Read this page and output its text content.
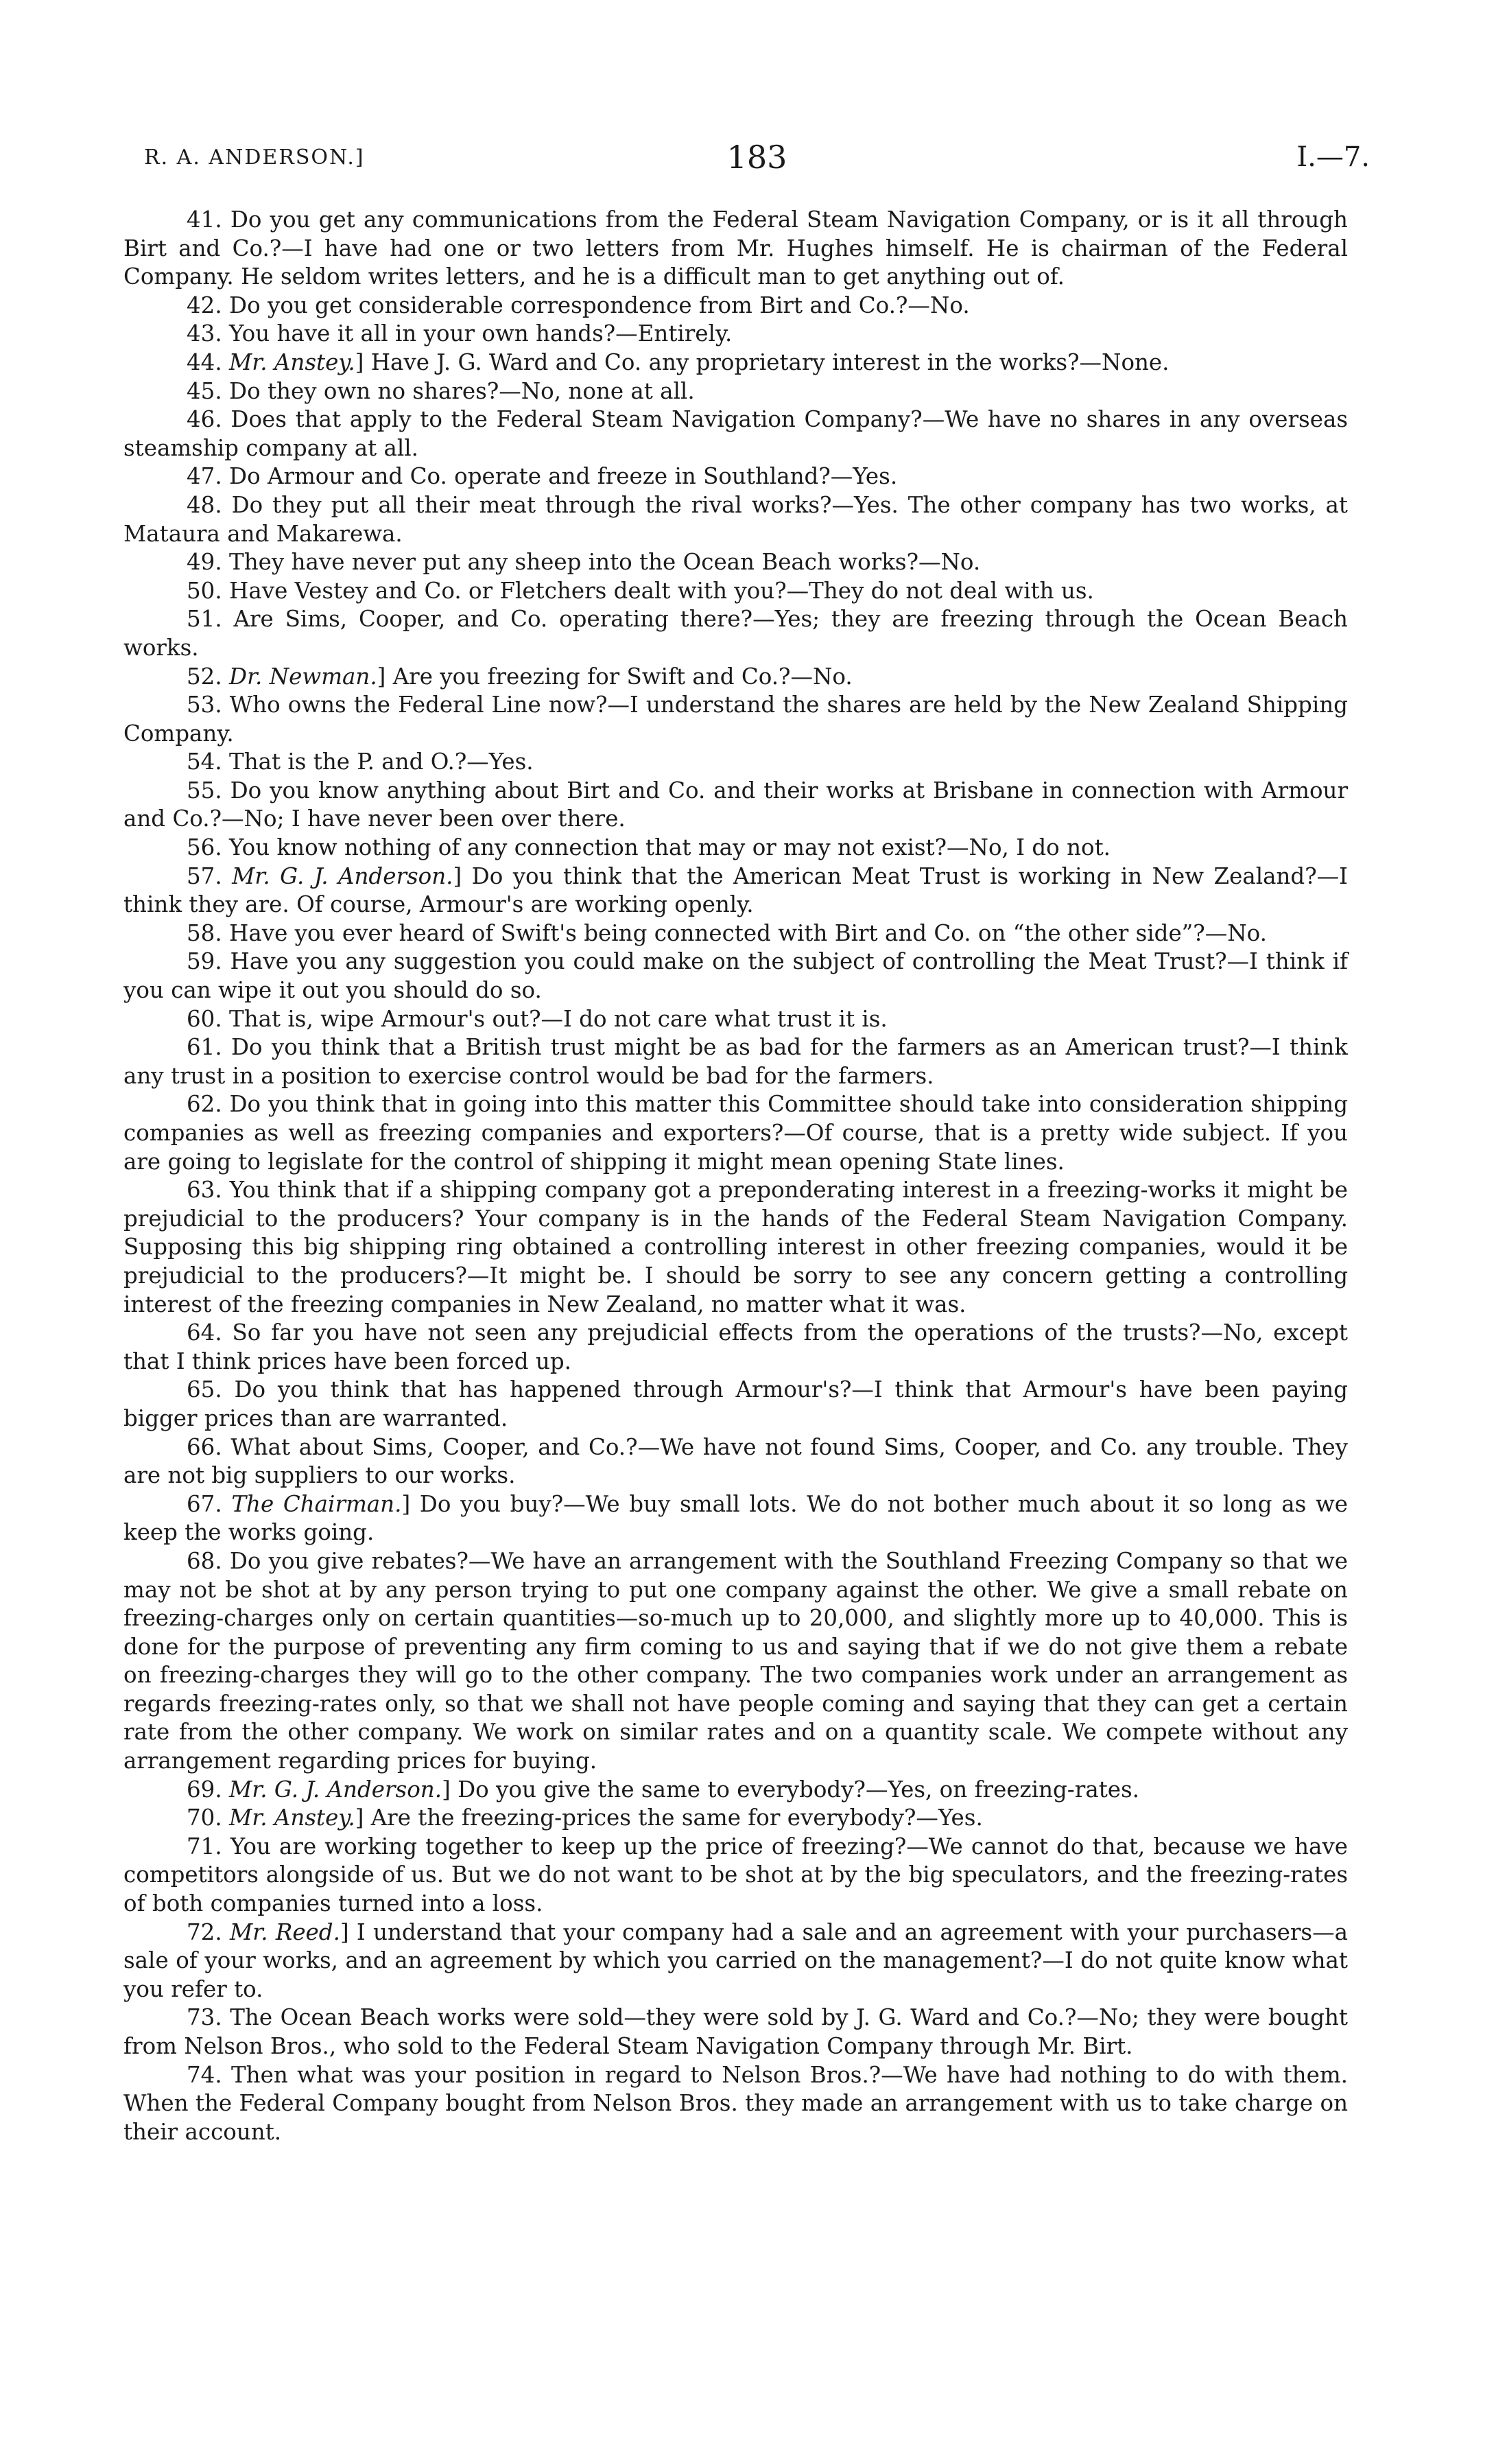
R. A. ANDERSON.]	183	I.—7.

41. Do you get any communications from the Federal Steam Navigation Company, or is it all through Birt and Co.?—I have had one or two letters from Mr. Hughes himself. He is chairman of the Federal Company. He seldom writes letters, and he is a difficult man to get anything out of.

42. Do you get considerable correspondence from Birt and Co.?—No.

43. You have it all in your own hands?—Entirely.

44. Mr. Anstey.] Have J. G. Ward and Co. any proprietary interest in the works?—None.

45. Do they own no shares?—No, none at all.

46. Does that apply to the Federal Steam Navigation Company?—We have no shares in any overseas steamship company at all.

47. Do Armour and Co. operate and freeze in Southland?—Yes.

48. Do they put all their meat through the rival works?—Yes. The other company has two works, at Mataura and Makarewa.

49. They have never put any sheep into the Ocean Beach works?—No.

50. Have Vestey and Co. or Fletchers dealt with you?—They do not deal with us.

51. Are Sims, Cooper, and Co. operating there?—Yes; they are freezing through the Ocean Beach works.

52. Dr. Newman.] Are you freezing for Swift and Co.?—No.

53. Who owns the Federal Line now?—I understand the shares are held by the New Zealand Shipping Company.

54. That is the P. and O.?—Yes.

55. Do you know anything about Birt and Co. and their works at Brisbane in connection with Armour and Co.?—No; I have never been over there.

56. You know nothing of any connection that may or may not exist?—No, I do not.

57. Mr. G. J. Anderson.] Do you think that the American Meat Trust is working in New Zealand?—I think they are. Of course, Armour's are working openly.

58. Have you ever heard of Swift's being connected with Birt and Co. on “the other side”?—No.

59. Have you any suggestion you could make on the subject of controlling the Meat Trust?—I think if you can wipe it out you should do so.

60. That is, wipe Armour's out?—I do not care what trust it is.

61. Do you think that a British trust might be as bad for the farmers as an American trust?—I think any trust in a position to exercise control would be bad for the farmers.

62. Do you think that in going into this matter this Committee should take into consideration shipping companies as well as freezing companies and exporters?—Of course, that is a pretty wide subject. If you are going to legislate for the control of shipping it might mean opening State lines.

63. You think that if a shipping company got a preponderating interest in a freezing-works it might be prejudicial to the producers? Your company is in the hands of the Federal Steam Navigation Company. Supposing this big shipping ring obtained a controlling interest in other freezing companies, would it be prejudicial to the producers?—It might be. I should be sorry to see any concern getting a controlling interest of the freezing companies in New Zealand, no matter what it was.

64. So far you have not seen any prejudicial effects from the operations of the trusts?—No, except that I think prices have been forced up.

65. Do you think that has happened through Armour's?—I think that Armour's have been paying bigger prices than are warranted.

66. What about Sims, Cooper, and Co.?—We have not found Sims, Cooper, and Co. any trouble. They are not big suppliers to our works.

67. The Chairman.] Do you buy?—We buy small lots. We do not bother much about it so long as we keep the works going.

68. Do you give rebates?—We have an arrangement with the Southland Freezing Company so that we may not be shot at by any person trying to put one company against the other. We give a small rebate on freezing-charges only on certain quantities—so-much up to 20,000, and slightly more up to 40,000. This is done for the purpose of preventing any firm coming to us and saying that if we do not give them a rebate on freezing-charges they will go to the other company. The two companies work under an arrangement as regards freezing-rates only, so that we shall not have people coming and saying that they can get a certain rate from the other company. We work on similar rates and on a quantity scale. We compete without any arrangement regarding prices for buying.

69. Mr. G. J. Anderson.] Do you give the same to everybody?—Yes, on freezing-rates.

70. Mr. Anstey.] Are the freezing-prices the same for everybody?—Yes.

71. You are working together to keep up the price of freezing?—We cannot do that, because we have competitors alongside of us. But we do not want to be shot at by the big speculators, and the freezing-rates of both companies turned into a loss.

72. Mr. Reed.] I understand that your company had a sale and an agreement with your purchasers—a sale of your works, and an agreement by which you carried on the management?—I do not quite know what you refer to.

73. The Ocean Beach works were sold—they were sold by J. G. Ward and Co.?—No; they were bought from Nelson Bros., who sold to the Federal Steam Navigation Company through Mr. Birt.

74. Then what was your position in regard to Nelson Bros.?—We have had nothing to do with them. When the Federal Company bought from Nelson Bros. they made an arrangement with us to take charge on their account.
